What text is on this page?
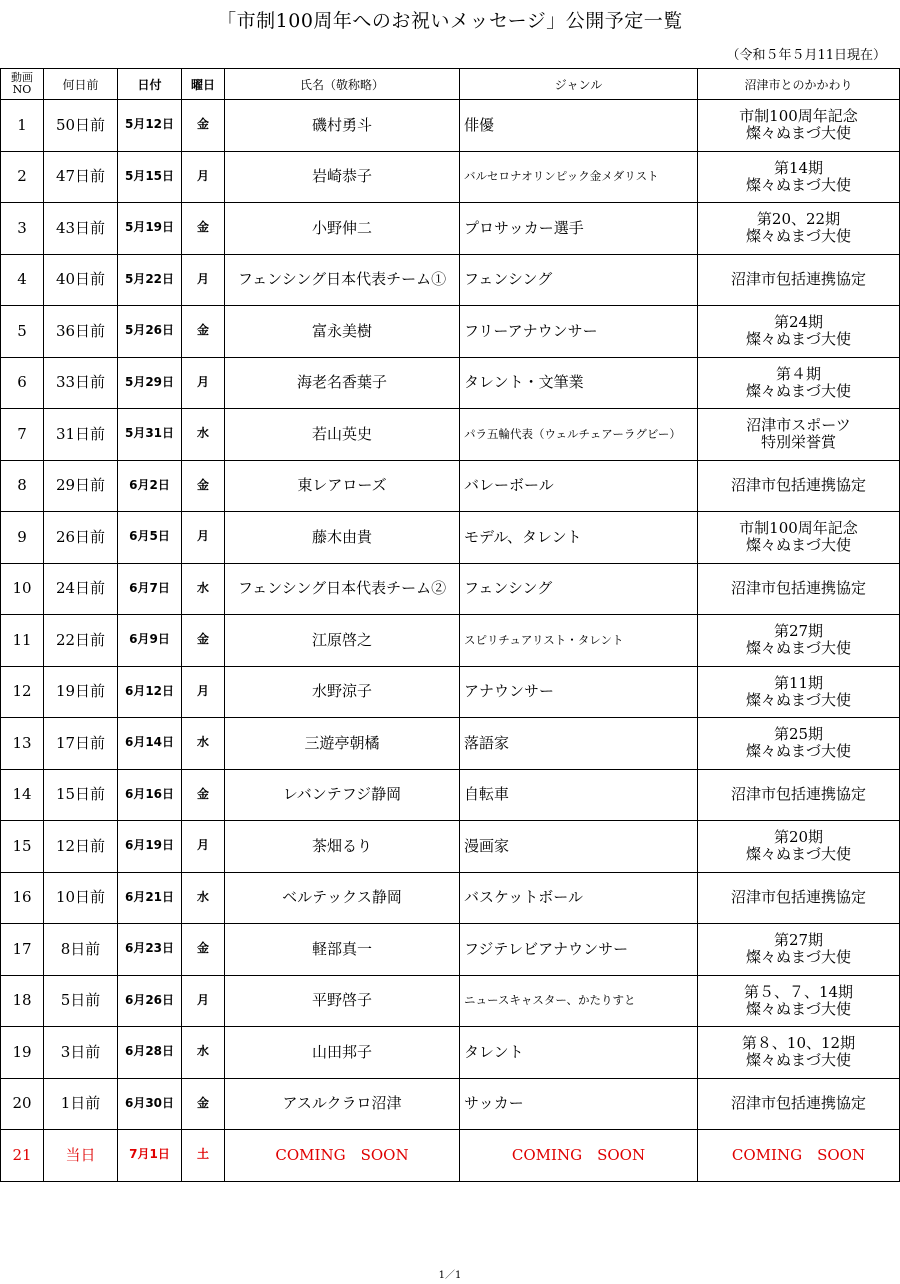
「市制100周年へのお祝いメッセージ」公開予定一覧
（令和５年５月11日現在）
動画
NO	何日前	日付	曜日	氏名（敬称略）	ジャンル	沼津市とのかかわり
1	50日前	5月12日	金	磯村勇斗	俳優	市制100周年記念
燦々ぬまづ大使
2	47日前	5月15日	月	岩崎恭子	バルセロナオリンピック金メダリスト	第14期
燦々ぬまづ大使
3	43日前	5月19日	金	小野伸二	プロサッカー選手	第20、22期
燦々ぬまづ大使
4	40日前	5月22日	月	フェンシング日本代表チーム①	フェンシング	沼津市包括連携協定
5	36日前	5月26日	金	富永美樹	フリーアナウンサー	第24期
燦々ぬまづ大使
6	33日前	5月29日	月	海老名香葉子	タレント・文筆業	第４期
燦々ぬまづ大使
7	31日前	5月31日	水	若山英史	パラ五輪代表（ウェルチェアーラグビー）	沼津市スポーツ
特別栄誉賞
8	29日前	6月2日	金	東レアローズ	バレーボール	沼津市包括連携協定
9	26日前	6月5日	月	藤木由貴	モデル、タレント	市制100周年記念
燦々ぬまづ大使
10	24日前	6月7日	水	フェンシング日本代表チーム②	フェンシング	沼津市包括連携協定
11	22日前	6月9日	金	江原啓之	スピリチュアリスト・タレント	第27期
燦々ぬまづ大使
12	19日前	6月12日	月	水野涼子	アナウンサー	第11期
燦々ぬまづ大使
13	17日前	6月14日	水	三遊亭朝橘	落語家	第25期
燦々ぬまづ大使
14	15日前	6月16日	金	レバンテフジ静岡	自転車	沼津市包括連携協定
15	12日前	6月19日	月	茶畑るり	漫画家	第20期
燦々ぬまづ大使
16	10日前	6月21日	水	ベルテックス静岡	バスケットボール	沼津市包括連携協定
17	8日前	6月23日	金	軽部真一	フジテレビアナウンサー	第27期
燦々ぬまづ大使
18	5日前	6月26日	月	平野啓子	ニュースキャスター、かたりすと	第５、７、14期
燦々ぬまづ大使
19	3日前	6月28日	水	山田邦子	タレント	第８、10、12期
燦々ぬまづ大使
20	1日前	6月30日	金	アスルクラロ沼津	サッカー	沼津市包括連携協定
21	当日	7月1日	土	COMING　SOON	COMING　SOON	COMING　SOON
1／1
